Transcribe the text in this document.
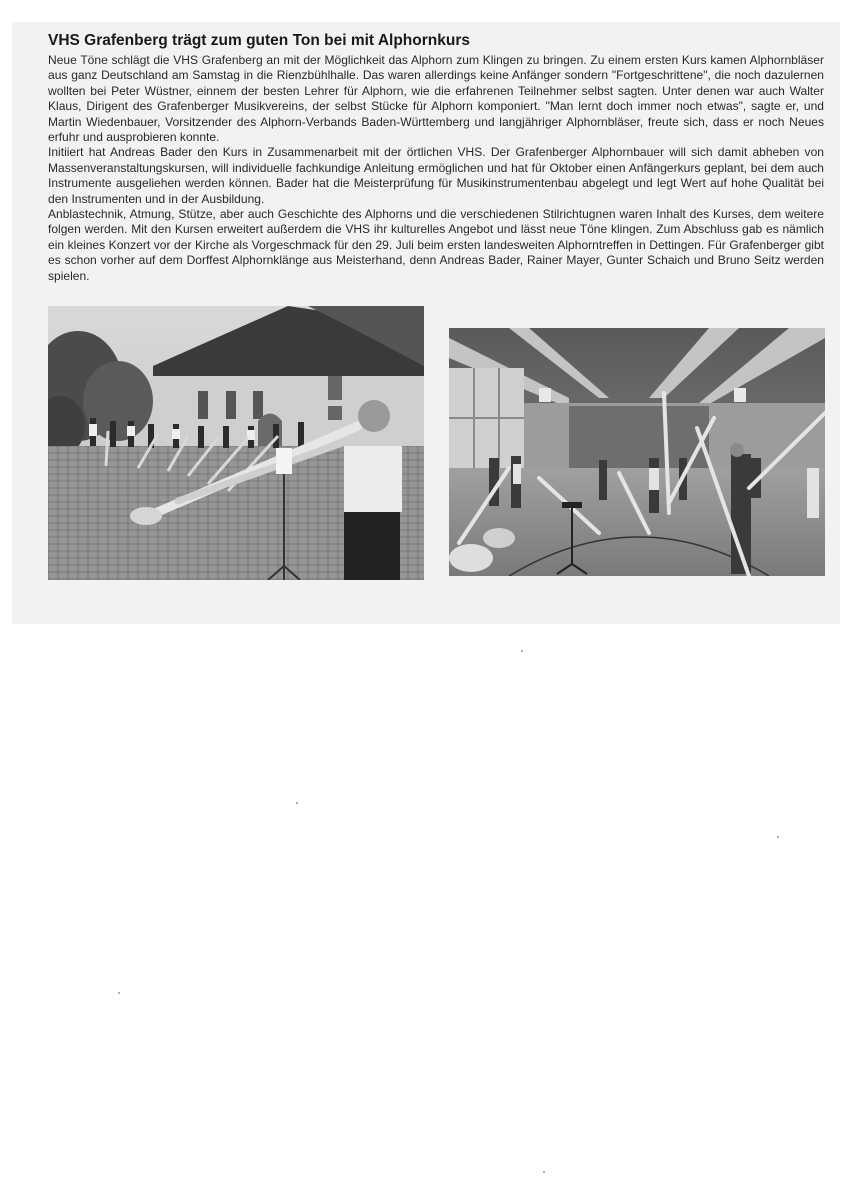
VHS Grafenberg trägt zum guten Ton bei mit Alphornkurs

Neue Töne schlägt die VHS Grafenberg an mit der Möglichkeit das Alphorn zum Klingen zu bringen. Zu einem ersten Kurs kamen Alphornbläser aus ganz Deutschland am Samstag in die Rienzbühlhalle. Das waren allerdings keine Anfänger sondern "Fortgeschrittene", die noch dazulernen wollten bei Peter Wüstner, einnem der besten Lehrer für Alphorn, wie die erfahrenen Teilnehmer selbst sagten. Unter denen war auch Walter Klaus, Dirigent des Grafenberger Musikvereins, der selbst Stücke für Alphorn komponiert. "Man lernt doch immer noch etwas", sagte er, und Martin Wiedenbauer, Vorsitzender des Alphorn-Verbands Baden-Württemberg und langjähriger Alphornbläser, freute sich, dass er noch Neues erfuhr und ausprobieren konnte.

Initiiert hat Andreas Bader den Kurs in Zusammenarbeit mit der örtlichen VHS. Der Grafenberger Alphornbauer will sich damit abheben von Massenveranstaltungskursen, will individuelle fachkundige Anleitung ermöglichen und hat für Oktober einen Anfängerkurs geplant, bei dem auch Instrumente ausgeliehen werden können. Bader hat die Meisterprüfung für Musikinstrumentenbau abgelegt und legt Wert auf hohe Qualität bei den Instrumenten und in der Ausbildung.

Anblastechnik, Atmung, Stütze, aber auch Geschichte des Alphorns und die verschiedenen Stilrichtugnen waren Inhalt des Kurses, dem weitere folgen werden. Mit den Kursen erweitert außerdem die VHS ihr kulturelles Angebot und lässt neue Töne klingen. Zum Abschluss gab es nämlich ein kleines Konzert vor der Kirche als Vorgeschmack für den 29. Juli beim ersten landesweiten Alphorntreffen in Dettingen. Für Grafenberger gibt es schon vorher auf dem Dorffest Alphornklänge aus Meisterhand, denn Andreas Bader, Rainer Mayer, Gunter Schaich und Bruno Seitz werden spielen.
